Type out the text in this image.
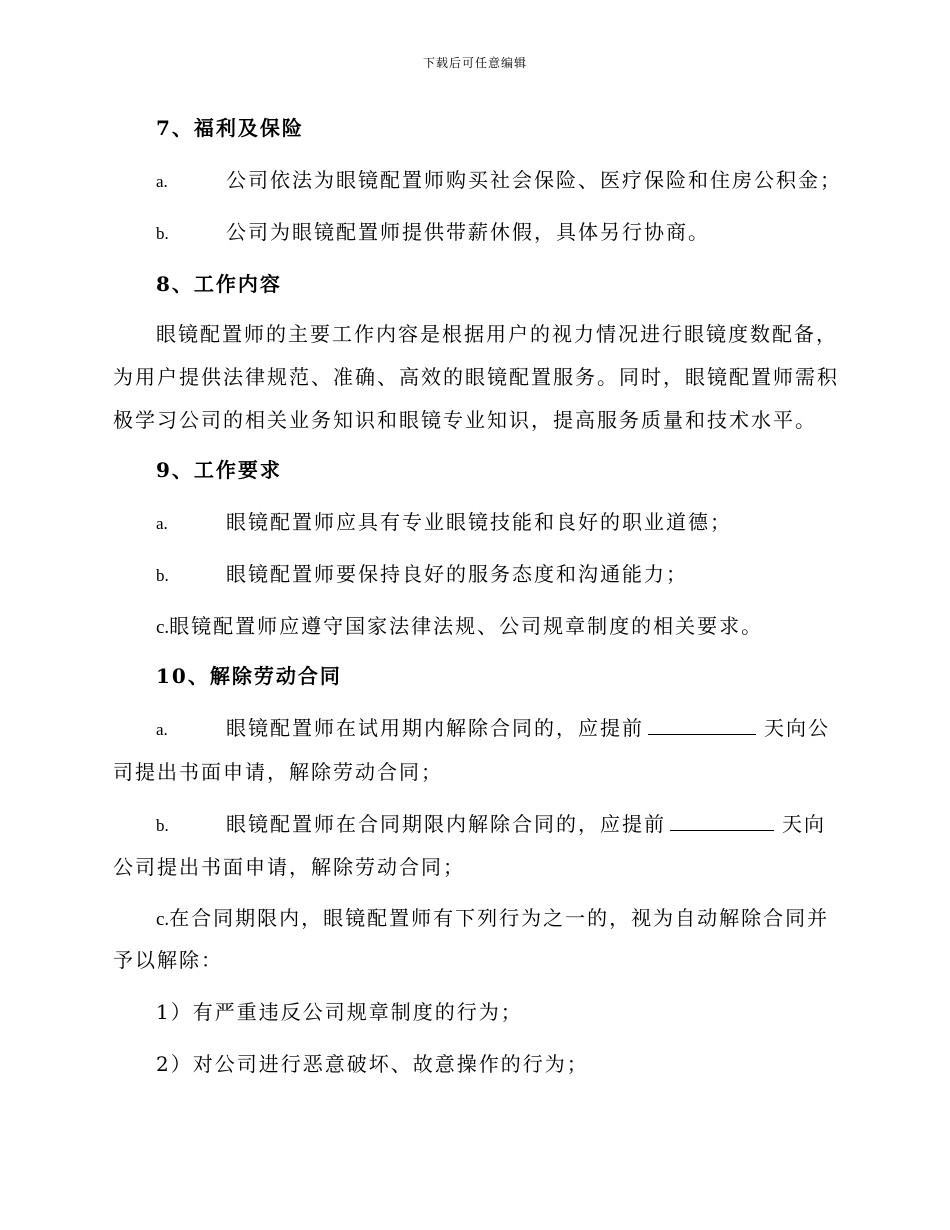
下载后可任意编辑
7、福利及保险
a.	公司依法为眼镜配置师购买社会保险、医疗保险和住房公积金；
b.	公司为眼镜配置师提供带薪休假，具体另行协商。
8、工作内容
眼镜配置师的主要工作内容是根据用户的视力情况进行眼镜度数配备，
为用户提供法律规范、准确、高效的眼镜配置服务。同时，眼镜配置师需积
极学习公司的相关业务知识和眼镜专业知识，提高服务质量和技术水平。
9、工作要求
a.	眼镜配置师应具有专业眼镜技能和良好的职业道德；
b.	眼镜配置师要保持良好的服务态度和沟通能力；
c.眼镜配置师应遵守国家法律法规、公司规章制度的相关要求。
10、解除劳动合同
a.	眼镜配置师在试用期内解除合同的，应提前	天向公
司提出书面申请，解除劳动合同；
b.	眼镜配置师在合同期限内解除合同的，应提前	天向
公司提出书面申请，解除劳动合同；
c.在合同期限内，眼镜配置师有下列行为之一的，视为自动解除合同并
予以解除：
1）有严重违反公司规章制度的行为；
2）对公司进行恶意破坏、故意操作的行为；
